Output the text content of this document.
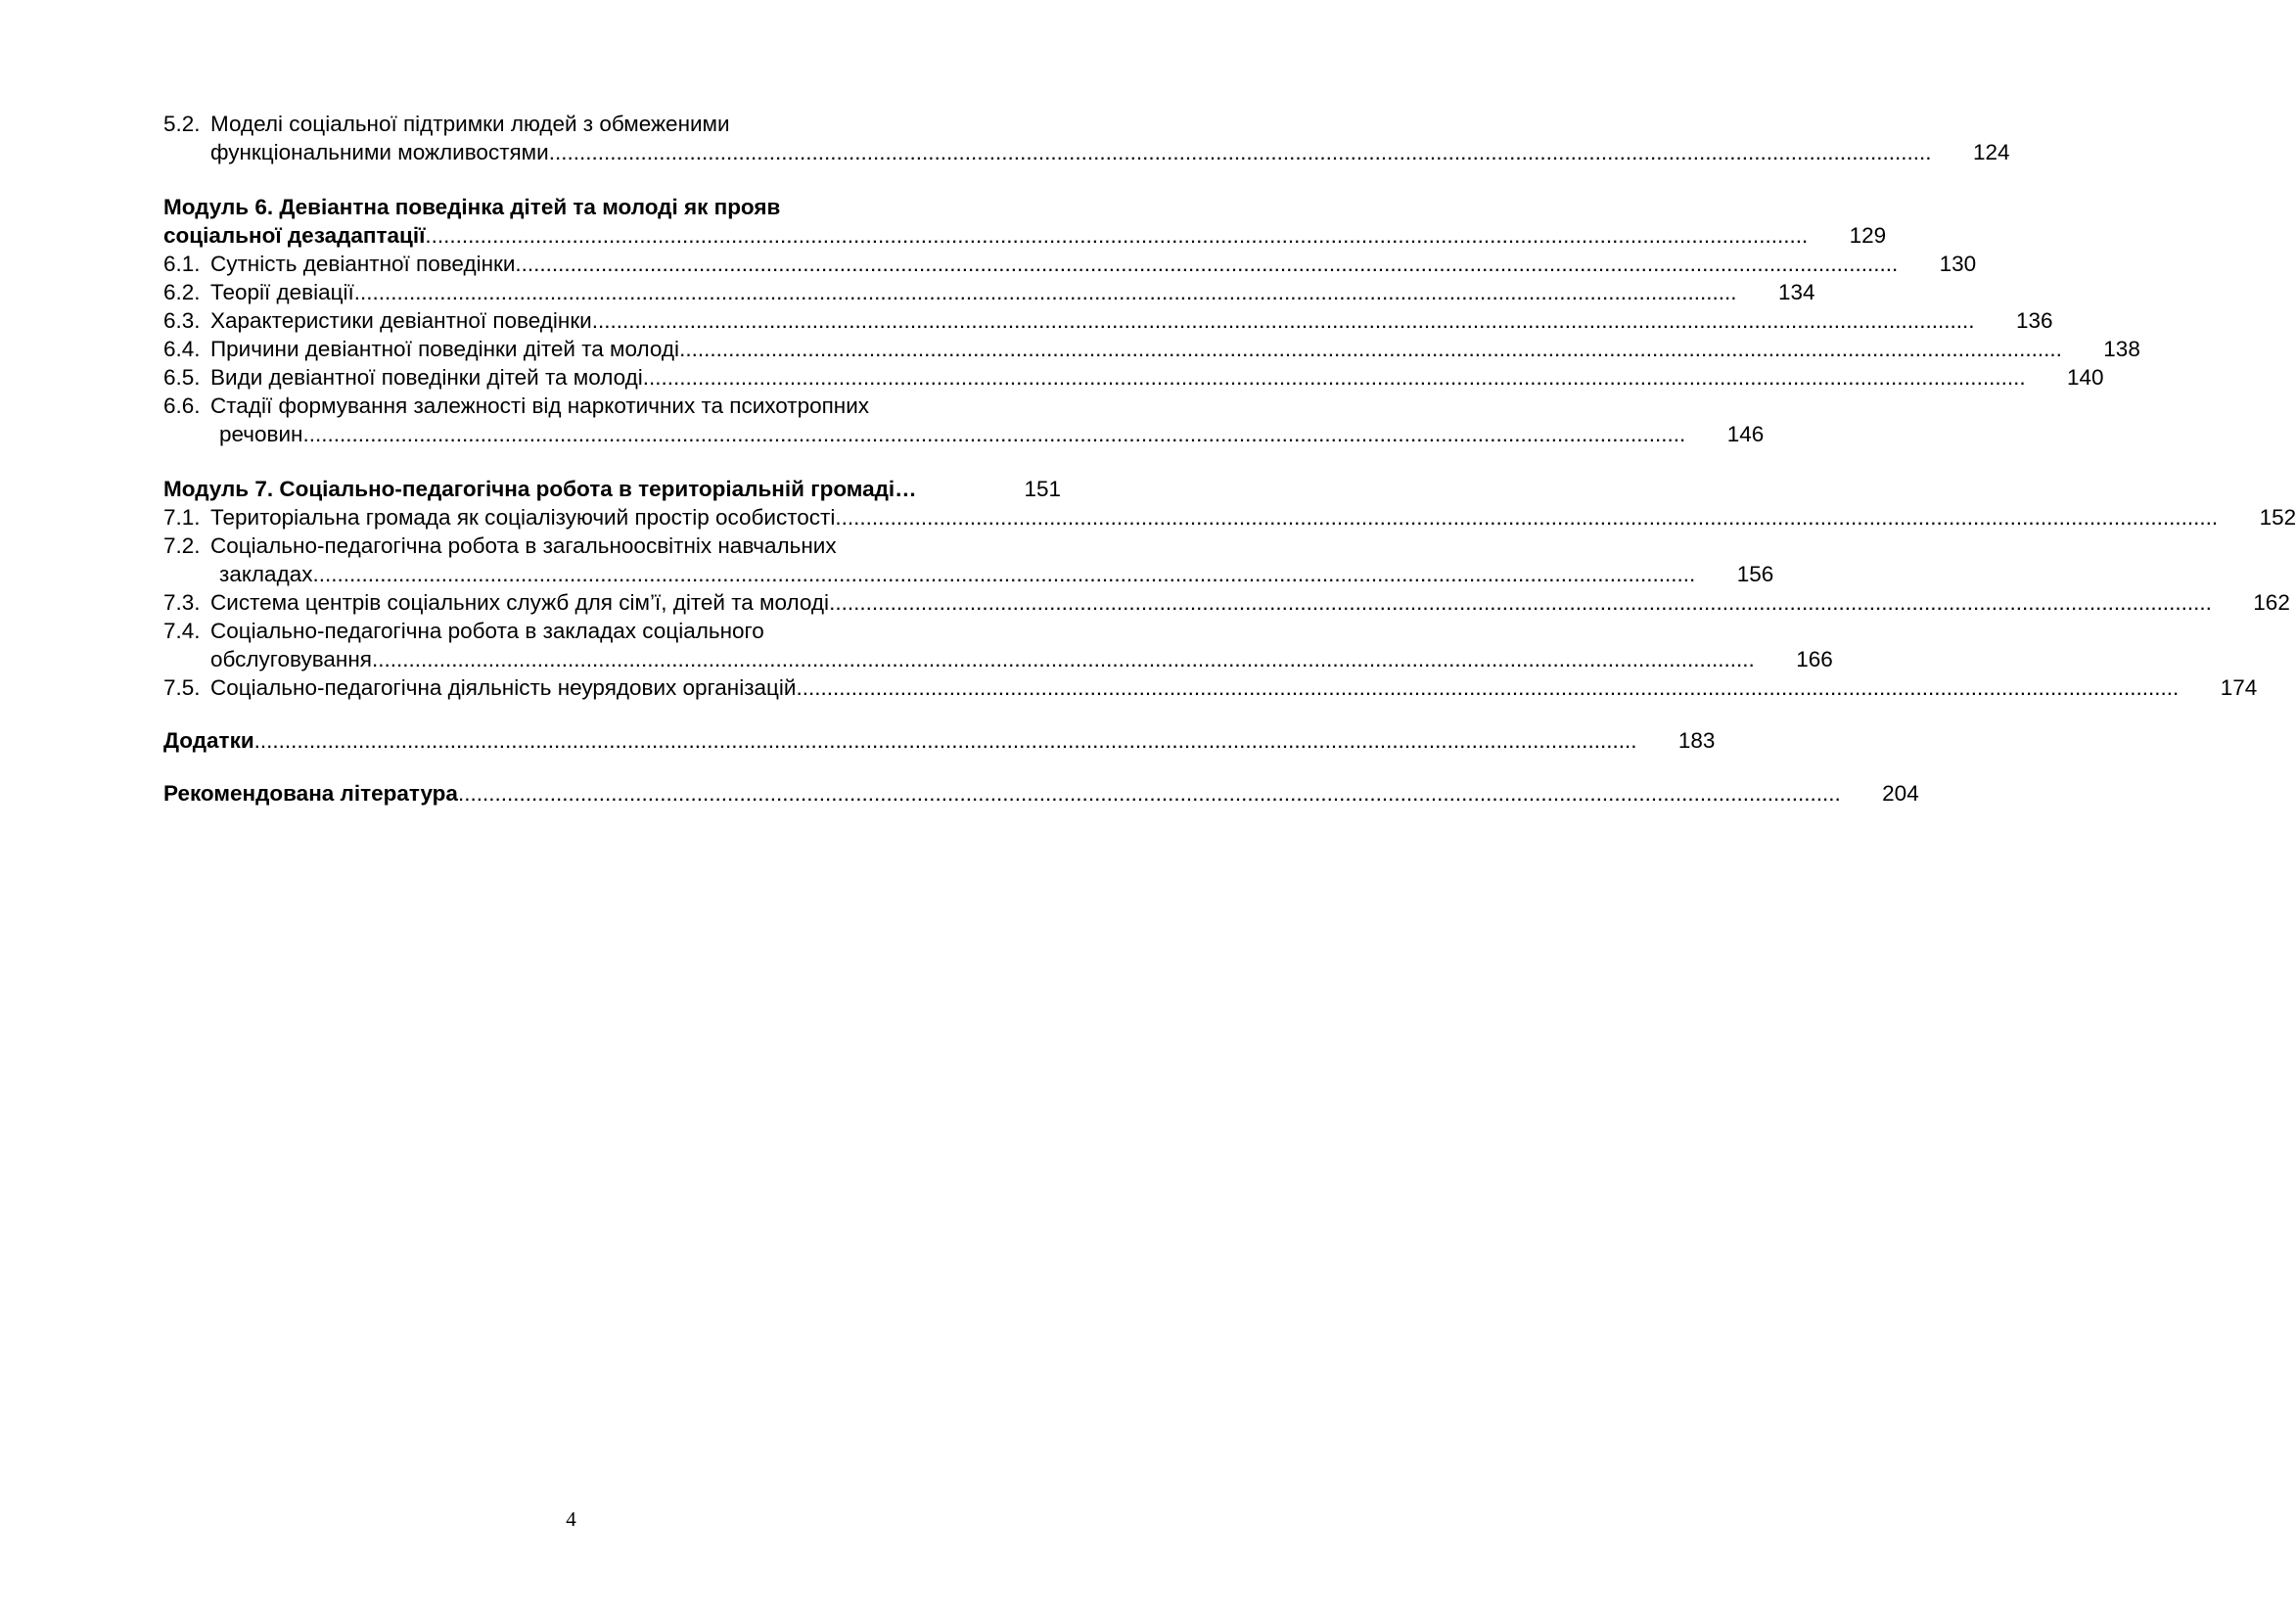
5.2. Моделі соціальної підтримки людей з обмеженими
функціональними можливостями .....	124
Модуль 6. Девіантна поведінка дітей та молоді як прояв
соціальної дезадаптації .....	129
6.1. Сутність девіантної поведінки .....	130
6.2. Теорії девіації .....	134
6.3. Характеристики девіантної поведінки .....	136
6.4. Причини девіантної поведінки дітей та молоді .....	138
6.5. Види девіантної поведінки дітей та молоді .....	140
6.6. Стадії формування залежності від наркотичних та психотропних
речовин .....	146
Модуль 7. Соціально-педагогічна робота в територіальній громаді…	151
7.1. Територіальна громада як соціалізуючий простір особистості .....	152
7.2. Соціально-педагогічна робота в загальноосвітніх навчальних
закладах .....	156
7.3. Система центрів соціальних служб для сім’ї, дітей та молоді .....	162
7.4. Соціально-педагогічна робота в закладах соціального
обслуговування .....	166
7.5. Соціально-педагогічна діяльність неурядових організацій .....	174
Додатки .....	183
Рекомендована література .....	204
4
